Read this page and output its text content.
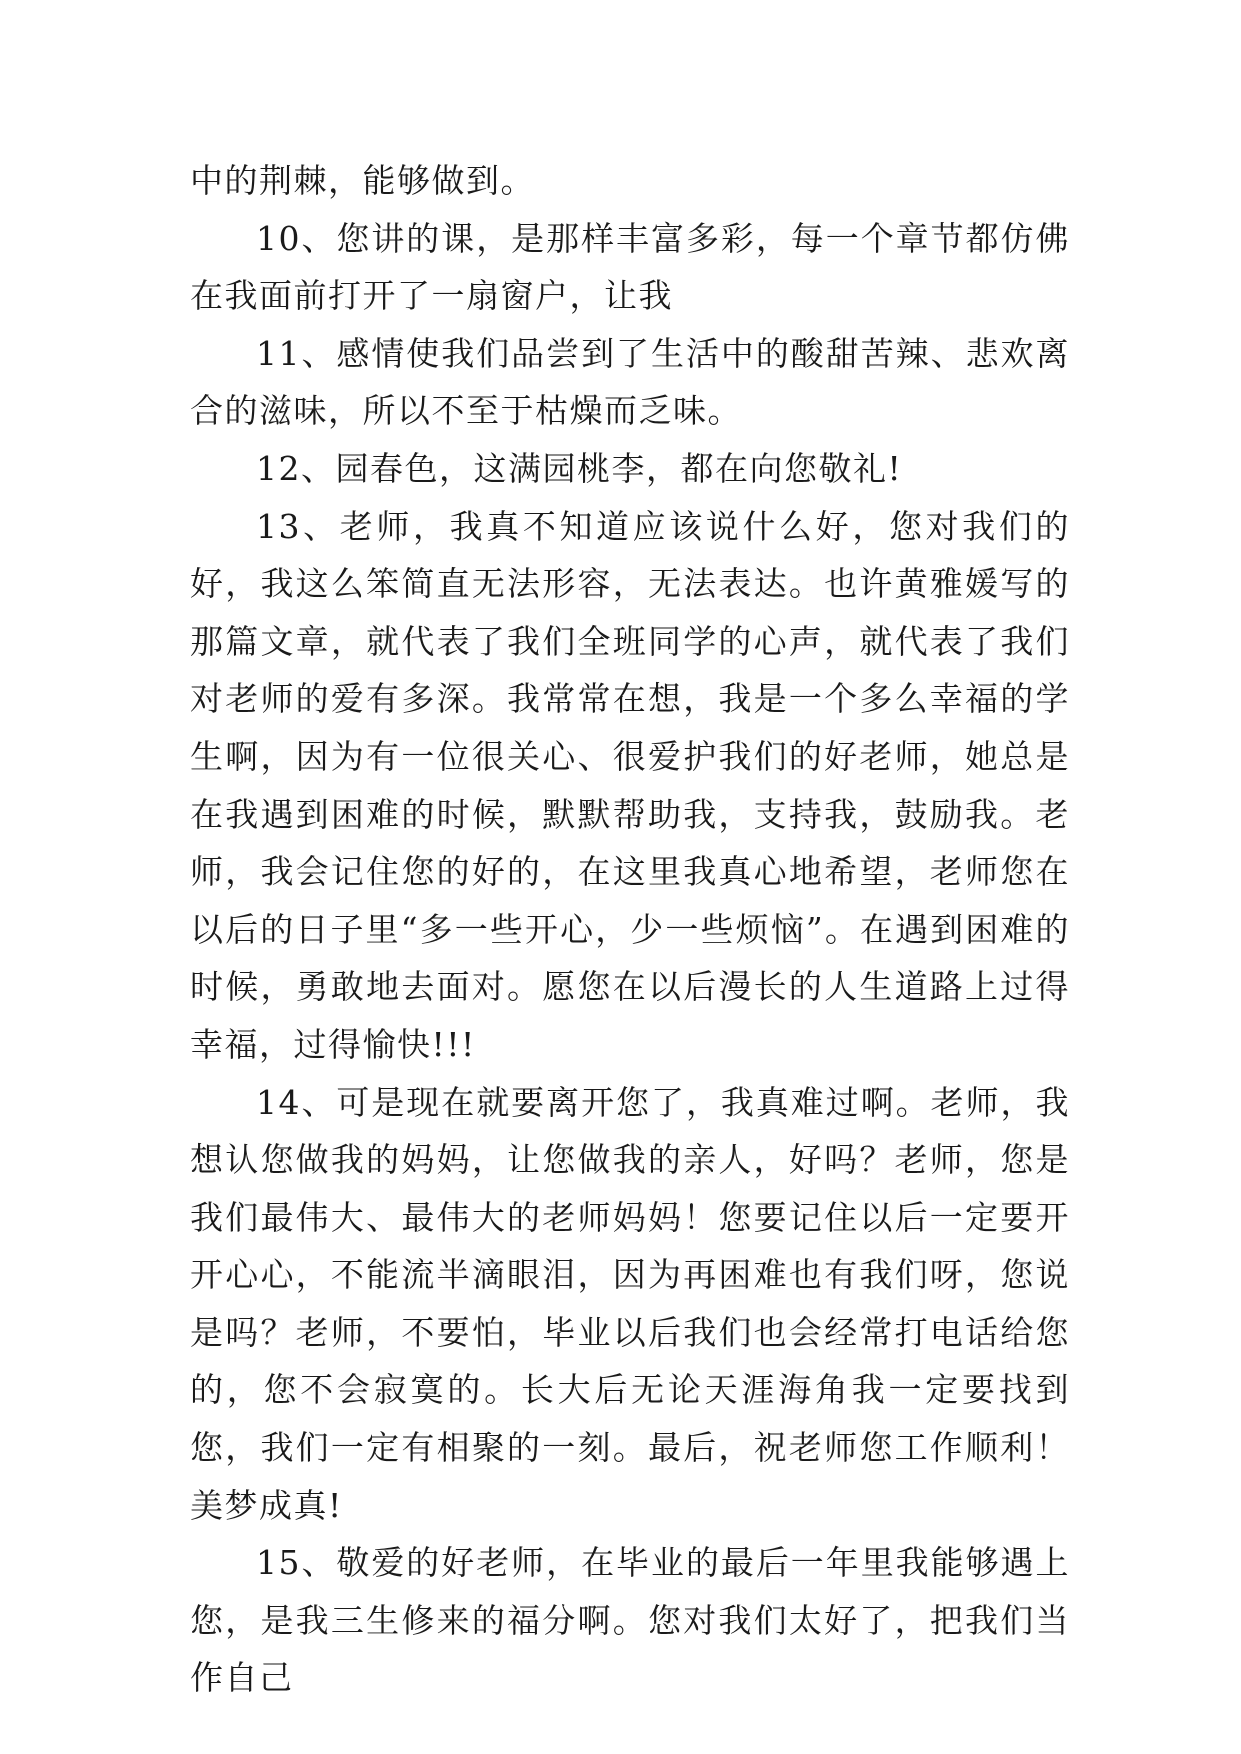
中的荆棘，能够做到。

10、您讲的课，是那样丰富多彩，每一个章节都仿佛在我面前打开了一扇窗户，让我

11、感情使我们品尝到了生活中的酸甜苦辣、悲欢离合的滋味，所以不至于枯燥而乏味。

12、园春色，这满园桃李，都在向您敬礼!

13、老师，我真不知道应该说什么好，您对我们的好，我这么笨简直无法形容，无法表达。也许黄雅媛写的那篇文章，就代表了我们全班同学的心声，就代表了我们对老师的爱有多深。我常常在想，我是一个多么幸福的学生啊，因为有一位很关心、很爱护我们的好老师，她总是在我遇到困难的时候，默默帮助我，支持我，鼓励我。老师，我会记住您的好的，在这里我真心地希望，老师您在以后的日子里“多一些开心，少一些烦恼”。在遇到困难的时候，勇敢地去面对。愿您在以后漫长的人生道路上过得幸福，过得愉快!!!

14、可是现在就要离开您了，我真难过啊。老师，我想认您做我的妈妈，让您做我的亲人，好吗？老师，您是我们最伟大、最伟大的老师妈妈！您要记住以后一定要开开心心，不能流半滴眼泪，因为再困难也有我们呀，您说是吗？老师，不要怕，毕业以后我们也会经常打电话给您的，您不会寂寞的。长大后无论天涯海角我一定要找到您，我们一定有相聚的一刻。最后，祝老师您工作顺利！美梦成真!

15、敬爱的好老师，在毕业的最后一年里我能够遇上您，是我三生修来的福分啊。您对我们太好了，把我们当作自己
